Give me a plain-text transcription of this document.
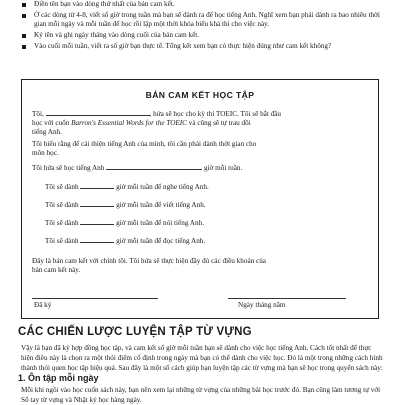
Điền tên bạn vào dòng thứ nhất của bản cam kết.
Ở các dòng từ 4-8, viết số giờ trong tuần mà bạn sẽ dành ra để học tiếng Anh. Nghĩ xem bạn phải dành ra bao nhiêu thời gian mỗi ngày và mỗi tuần để học rồi lập một thời khóa biểu khả thi cho việc này.
Ký tên và ghi ngày tháng vào dòng cuối của bản cam kết.
Vào cuối mỗi tuần, viết ra số giờ bạn thực tế. Tổng kết xem bạn có thực hiện đúng như cam kết không?
BẢN CAM KẾT HỌC TẬP
Tôi,	, hứa sẽ học cho kỳ thi TOEIC. Tôi sẽ bắt đầu
học với cuốn Barron's Essential Words for the TOEIC và cũng sẽ tự trau dồi
tiếng Anh.
Tôi hiểu rằng để cải thiện tiếng Anh của mình, tôi cần phải dành thời gian cho
môn học.
Tôi hứa sẽ học tiếng Anh	giờ mỗi tuần.
Tôi sẽ dành	giờ mỗi tuần để nghe tiếng Anh.
Tôi sẽ dành	giờ mỗi tuần để viết tiếng Anh.
Tôi sẽ dành	giờ mỗi tuần để nói tiếng Anh.
Tôi sẽ dành	giờ mỗi tuần để đọc tiếng Anh.
Đây là bản cam kết với chính tôi. Tôi hứa sẽ thực hiện đầy đủ các điều khoản của
bản cam kết này.
Đã ký	Ngày tháng năm
CÁC CHIẾN LƯỢC LUYỆN TẬP TỪ VỰNG

Vậy là bạn đã ký hợp đồng học tập, và cam kết số giờ mỗi tuần bạn sẽ dành cho việc học tiếng Anh. Cách tốt nhất để thực hiện điều này là chọn ra một thói điểm cố định trong ngày mà bạn có thể dành cho việc học. Đó là một trong những cách hình thành thói quen học tập hiệu quả. Sau đây là một số cách giúp bạn luyện tập các từ vựng mà bạn sẽ học trong quyển sách này:

1. Ôn tập mỗi ngày

Mỗi khi ngồi vào học cuốn sách này, bạn nên xem lại những từ vựng của những bài học trước đó. Bạn cũng làm tương tự với Sổ tay từ vựng và Nhật ký học hàng ngày.
